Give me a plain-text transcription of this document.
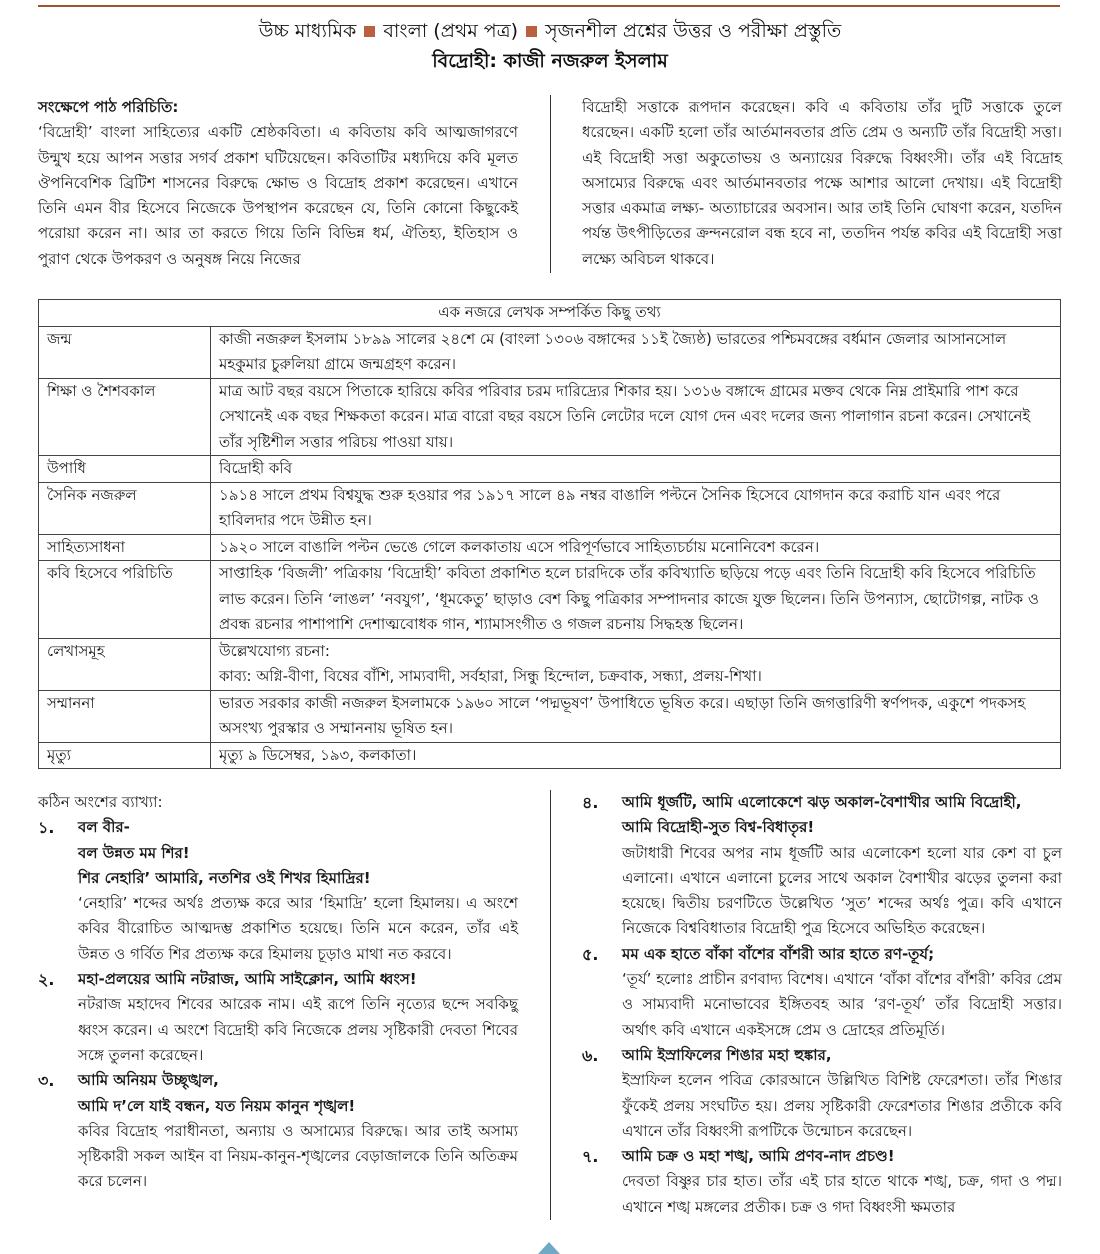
উচ্চ মাধ্যমিক বাংলা (প্রথম পত্র) সৃজনশীল প্রশ্নের উত্তর ও পরীক্ষা প্রস্তুতি
বিদ্রোহী: কাজী নজরুল ইসলাম
সংক্ষেপে পাঠ পরিচিতি:
‘বিদ্রোহী’ বাংলা সাহিত্যের একটি শ্রেষ্ঠকবিতা। এ কবিতায় কবি আত্মজাগরণে উন্মুখ হয়ে আপন সত্তার সগর্ব প্রকাশ ঘটিয়েছেন। কবিতাটির মধ্যদিয়ে কবি মূলত ঔপনিবেশিক ব্রিটিশ শাসনের বিরুদ্ধে ক্ষোভ ও বিদ্রোহ প্রকাশ করেছেন। এখানে তিনি এমন বীর হিসেবে নিজেকে উপস্থাপন করেছেন যে, তিনি কোনো কিছুকেই পরোয়া করেন না। আর তা করতে গিয়ে তিনি বিভিন্ন ধর্ম, ঐতিহ্য, ইতিহাস ও পুরাণ থেকে উপকরণ ও অনুষঙ্গ নিয়ে নিজের
বিদ্রোহী সত্তাকে রূপদান করেছেন। কবি এ কবিতায় তাঁর দুটি সত্তাকে তুলে ধরেছেন। একটি হলো তাঁর আর্তমানবতার প্রতি প্রেম ও অন্যটি তাঁর বিদ্রোহী সত্তা। এই বিদ্রোহী সত্তা অকুতোভয় ও অন্যায়ের বিরুদ্ধে বিধ্বংসী। তাঁর এই বিদ্রোহ অসাম্যের বিরুদ্ধে এবং আর্তমানবতার পক্ষে আশার আলো দেখায়। এই বিদ্রোহী সত্তার একমাত্র লক্ষ্য- অত্যাচারের অবসান। আর তাই তিনি ঘোষণা করেন, যতদিন পর্যন্ত উৎপীড়িতের ক্রন্দনরোল বন্ধ হবে না, ততদিন পর্যন্ত কবির এই বিদ্রোহী সত্তা লক্ষ্যে অবিচল থাকবে।
এক নজরে লেখক সম্পর্কিত কিছু তথ্য	
জন্ম	কাজী নজরুল ইসলাম ১৮৯৯ সালের ২৪শে মে (বাংলা ১৩০৬ বঙ্গাব্দের ১১ই জ্যৈষ্ঠ) ভারতের পশ্চিমবঙ্গের বর্ধমান জেলার আসানসোল মহকুমার চুরুলিয়া গ্রামে জন্মগ্রহণ করেন।
শিক্ষা ও শৈশবকাল	মাত্র আট বছর বয়সে পিতাকে হারিয়ে কবির পরিবার চরম দারিদ্র্যের শিকার হয়। ১৩১৬ বঙ্গাব্দে গ্রামের মক্তব থেকে নিম্ন প্রাইমারি পাশ করে সেখানেই এক বছর শিক্ষকতা করেন। মাত্র বারো বছর বয়সে তিনি লেটোর দলে যোগ দেন এবং দলের জন্য পালাগান রচনা করেন। সেখানেই তাঁর সৃষ্টিশীল সত্তার পরিচয় পাওয়া যায়।
উপাধি	বিদ্রোহী কবি
সৈনিক নজরুল	১৯১৪ সালে প্রথম বিশ্বযুদ্ধ শুরু হওয়ার পর ১৯১৭ সালে ৪৯ নম্বর বাঙালি পল্টনে সৈনিক হিসেবে যোগদান করে করাচি যান এবং পরে হাবিলদার পদে উন্নীত হন।
সাহিত্যসাধনা	১৯২০ সালে বাঙালি পল্টন ভেঙে গেলে কলকাতায় এসে পরিপূর্ণভাবে সাহিত্যচর্চায় মনোনিবেশ করেন।
কবি হিসেবে পরিচিতি	সাপ্তাহিক ‘বিজলী’ পত্রিকায় ‘বিদ্রোহী’ কবিতা প্রকাশিত হলে চারদিকে তাঁর কবিখ্যাতি ছড়িয়ে পড়ে এবং তিনি বিদ্রোহী কবি হিসেবে পরিচিতি লাভ করেন। তিনি ‘লাঙল’ ‘নবযুগ’, ‘ধূমকেতু’ ছাড়াও বেশ কিছু পত্রিকার সম্পাদনার কাজে যুক্ত ছিলেন। তিনি উপন্যাস, ছোটোগল্প, নাটক ও প্রবন্ধ রচনার পাশাপাশি দেশাত্মবোধক গান, শ্যামাসংগীত ও গজল রচনায় সিদ্ধহস্ত ছিলেন।
লেখাসমূহ	উল্লেখযোগ্য রচনা:
কাব্য: অগ্নি-বীণা, বিষের বাঁশি, সাম্যবাদী, সর্বহারা, সিন্ধু হিন্দোল, চক্রবাক, সন্ধ্যা, প্রলয়-শিখা।

সম্মাননা	ভারত সরকার কাজী নজরুল ইসলামকে ১৯৬০ সালে ‘পদ্মভূষণ’ উপাধিতে ভূষিত করে। এছাড়া তিনি জগত্তারিণী স্বর্ণপদক, একুশে পদকসহ অসংখ্য পুরস্কার ও সম্মাননায় ভূষিত হন।
মৃত্যু	মৃত্যু ৯ ডিসেম্বর, ১৯৩, কলকাতা।
কঠিন অংশের ব্যাখ্যা:
১. বল বীর-
বল উন্নত মম শির!
শির নেহারি’ আমারি, নতশির ওই শিখর হিমাদ্রির!
‘নেহারি’ শব্দের অর্থঃ প্রত্যক্ষ করে আর ‘হিমাদ্রি’ হলো হিমালয়। এ অংশে কবির বীরোচিত আত্মদম্ভ প্রকাশিত হয়েছে। তিনি মনে করেন, তাঁর এই উন্নত ও গর্বিত শির প্রত্যক্ষ করে হিমালয় চূড়াও মাথা নত করবে।
২. মহা-প্রলয়ের আমি নটরাজ, আমি সাইক্লোন, আমি ধ্বংস!
নটরাজ মহাদেব শিবের আরেক নাম। এই রূপে তিনি নৃত্যের ছন্দে সবকিছু ধ্বংস করেন। এ অংশে বিদ্রোহী কবি নিজেকে প্রলয় সৃষ্টিকারী দেবতা শিবের সঙ্গে তুলনা করেছেন।
৩. আমি অনিয়ম উচ্ছৃঙ্খল,
আমি দ’লে যাই বন্ধন, যত নিয়ম কানুন শৃঙ্খল!
কবির বিদ্রোহ পরাধীনতা, অন্যায় ও অসাম্যের বিরুদ্ধে। আর তাই অসাম্য সৃষ্টিকারী সকল আইন বা নিয়ম-কানুন-শৃঙ্খলের বেড়াজালকে তিনি অতিক্রম করে চলেন।
৪. আমি ধূর্জটি, আমি এলোকেশে ঝড় অকাল-বৈশাখীর আমি বিদ্রোহী,
আমি বিদ্রোহী-সুত বিশ্ব-বিধাতৃর!
জটাধারী শিবের অপর নাম ধূর্জটি আর এলোকেশ হলো যার কেশ বা চুল এলানো। এখানে এলানো চুলের সাথে অকাল বৈশাখীর ঝড়ের তুলনা করা হয়েছে। দ্বিতীয় চরণটিতে উল্লেখিত ‘সুত’ শব্দের অর্থঃ পুত্র। কবি এখানে নিজেকে বিশ্ববিধাতার বিদ্রোহী পুত্র হিসেবে অভিহিত করেছেন।
৫. মম এক হাতে বাঁকা বাঁশের বাঁশরী আর হাতে রণ-তূর্য;
‘তূর্য’ হলোঃ প্রাচীন রণবাদ্য বিশেষ। এখানে ‘বাঁকা বাঁশের বাঁশরী’ কবির প্রেম ও সাম্যবাদী মনোভাবের ইঙ্গিতবহ আর ‘রণ-তূর্য’ তাঁর বিদ্রোহী সত্তার। অর্থাৎ কবি এখানে একইসঙ্গে প্রেম ও দ্রোহের প্রতিমূর্তি।
৬. আমি ইস্রাফিলের শিঙার মহা হুঙ্কার,
ইস্রাফিল হলেন পবিত্র কোরআনে উল্লিখিত বিশিষ্ট ফেরেশতা। তাঁর শিঙার ফুঁকেই প্রলয় সংঘটিত হয়। প্রলয় সৃষ্টিকারী ফেরেশতার শিঙার প্রতীকে কবি এখানে তাঁর বিধ্বংসী রূপটিকে উন্মোচন করেছেন।
৭. আমি চক্র ও মহা শঙ্খ, আমি প্রণব-নাদ প্রচণ্ড!
দেবতা বিষ্ণুর চার হাত। তাঁর এই চার হাতে থাকে শঙ্খ, চক্র, গদা ও পদ্ম। এখানে শঙ্খ মঙ্গলের প্রতীক। চক্র ও গদা বিধ্বংসী ক্ষমতার
